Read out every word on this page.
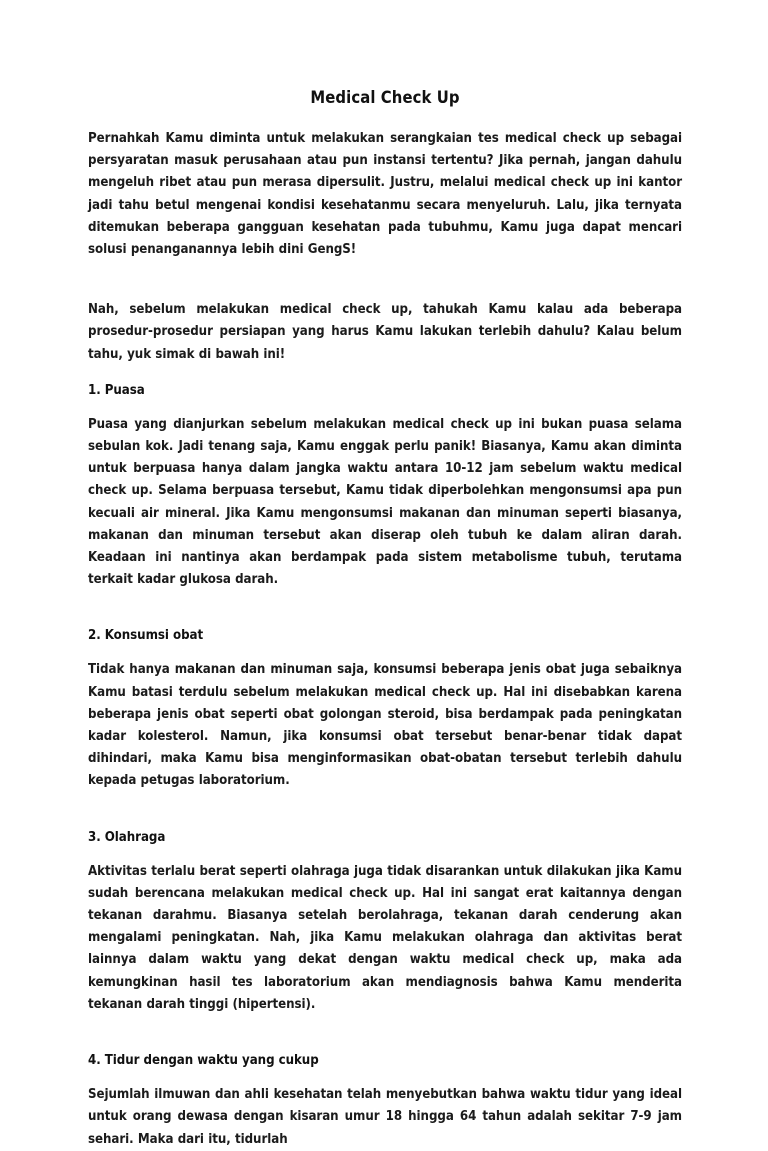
Medical Check Up

Pernahkah Kamu diminta untuk melakukan serangkaian tes medical check up sebagai persyaratan masuk perusahaan atau pun instansi tertentu? Jika pernah, jangan dahulu mengeluh ribet atau pun merasa dipersulit. Justru, melalui medical check up ini kantor jadi tahu betul mengenai kondisi kesehatanmu secara menyeluruh. Lalu, jika ternyata ditemukan beberapa gangguan kesehatan pada tubuhmu, Kamu juga dapat mencari solusi penanganannya lebih dini GengS!

Nah, sebelum melakukan medical check up, tahukah Kamu kalau ada beberapa prosedur-prosedur persiapan yang harus Kamu lakukan terlebih dahulu? Kalau belum tahu, yuk simak di bawah ini!

1. Puasa

Puasa yang dianjurkan sebelum melakukan medical check up ini bukan puasa selama sebulan kok. Jadi tenang saja, Kamu enggak perlu panik! Biasanya, Kamu akan diminta untuk berpuasa hanya dalam jangka waktu antara 10-12 jam sebelum waktu medical check up. Selama berpuasa tersebut, Kamu tidak diperbolehkan mengonsumsi apa pun kecuali air mineral. Jika Kamu mengonsumsi makanan dan minuman seperti biasanya, makanan dan minuman tersebut akan diserap oleh tubuh ke dalam aliran darah. Keadaan ini nantinya akan berdampak pada sistem metabolisme tubuh, terutama terkait kadar glukosa darah.

2. Konsumsi obat

Tidak hanya makanan dan minuman saja, konsumsi beberapa jenis obat juga sebaiknya Kamu batasi terdulu sebelum melakukan medical check up. Hal ini disebabkan karena beberapa jenis obat seperti obat golongan steroid, bisa berdampak pada peningkatan kadar kolesterol. Namun, jika konsumsi obat tersebut benar-benar tidak dapat dihindari, maka Kamu bisa menginformasikan obat-obatan tersebut terlebih dahulu kepada petugas laboratorium.

3. Olahraga

Aktivitas terlalu berat seperti olahraga juga tidak disarankan untuk dilakukan jika Kamu sudah berencana melakukan medical check up. Hal ini sangat erat kaitannya dengan tekanan darahmu. Biasanya setelah berolahraga, tekanan darah cenderung akan mengalami peningkatan. Nah, jika Kamu melakukan olahraga dan aktivitas berat lainnya dalam waktu yang dekat dengan waktu medical check up, maka ada kemungkinan hasil tes laboratorium akan mendiagnosis bahwa Kamu menderita tekanan darah tinggi (hipertensi).

4. Tidur dengan waktu yang cukup

Sejumlah ilmuwan dan ahli kesehatan telah menyebutkan bahwa waktu tidur yang ideal untuk orang dewasa dengan kisaran umur 18 hingga 64 tahun adalah sekitar 7-9 jam sehari. Maka dari itu, tidurlah
